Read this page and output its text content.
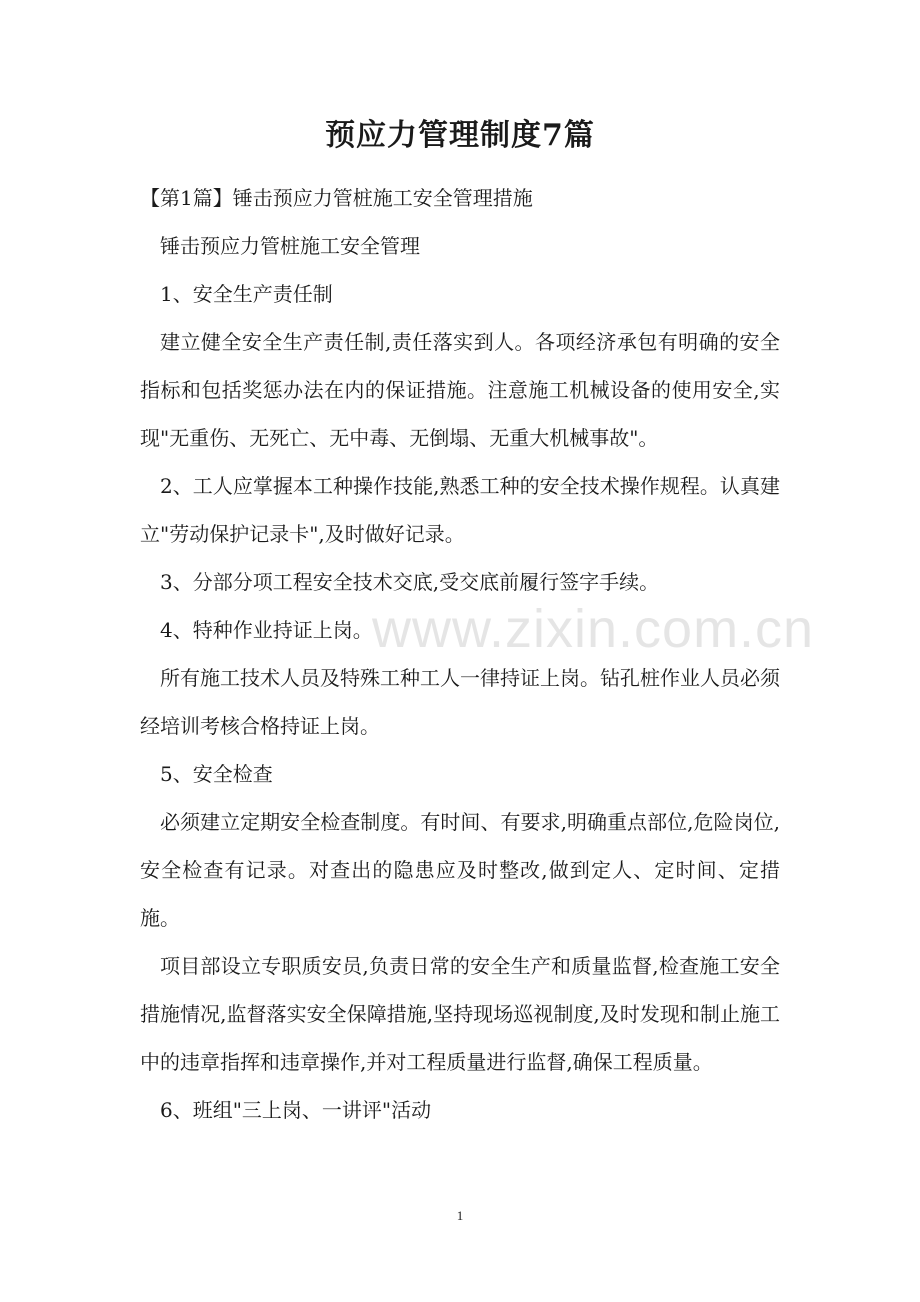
预应力管理制度7篇

【第1篇】锤击预应力管桩施工安全管理措施

锤击预应力管桩施工安全管理

1、安全生产责任制

建立健全安全生产责任制,责任落实到人。各项经济承包有明确的安全指标和包括奖惩办法在内的保证措施。注意施工机械设备的使用安全,实现"无重伤、无死亡、无中毒、无倒塌、无重大机械事故"。

2、工人应掌握本工种操作技能,熟悉工种的安全技术操作规程。认真建立"劳动保护记录卡",及时做好记录。

3、分部分项工程安全技术交底,受交底前履行签字手续。

4、特种作业持证上岗。

所有施工技术人员及特殊工种工人一律持证上岗。钻孔桩作业人员必须经培训考核合格持证上岗。

5、安全检查

必须建立定期安全检查制度。有时间、有要求,明确重点部位,危险岗位,安全检查有记录。对查出的隐患应及时整改,做到定人、定时间、定措施。

项目部设立专职质安员,负责日常的安全生产和质量监督,检查施工安全措施情况,监督落实安全保障措施,坚持现场巡视制度,及时发现和制止施工中的违章指挥和违章操作,并对工程质量进行监督,确保工程质量。

6、班组"三上岗、一讲评"活动

www.zixin.com.cn
1
